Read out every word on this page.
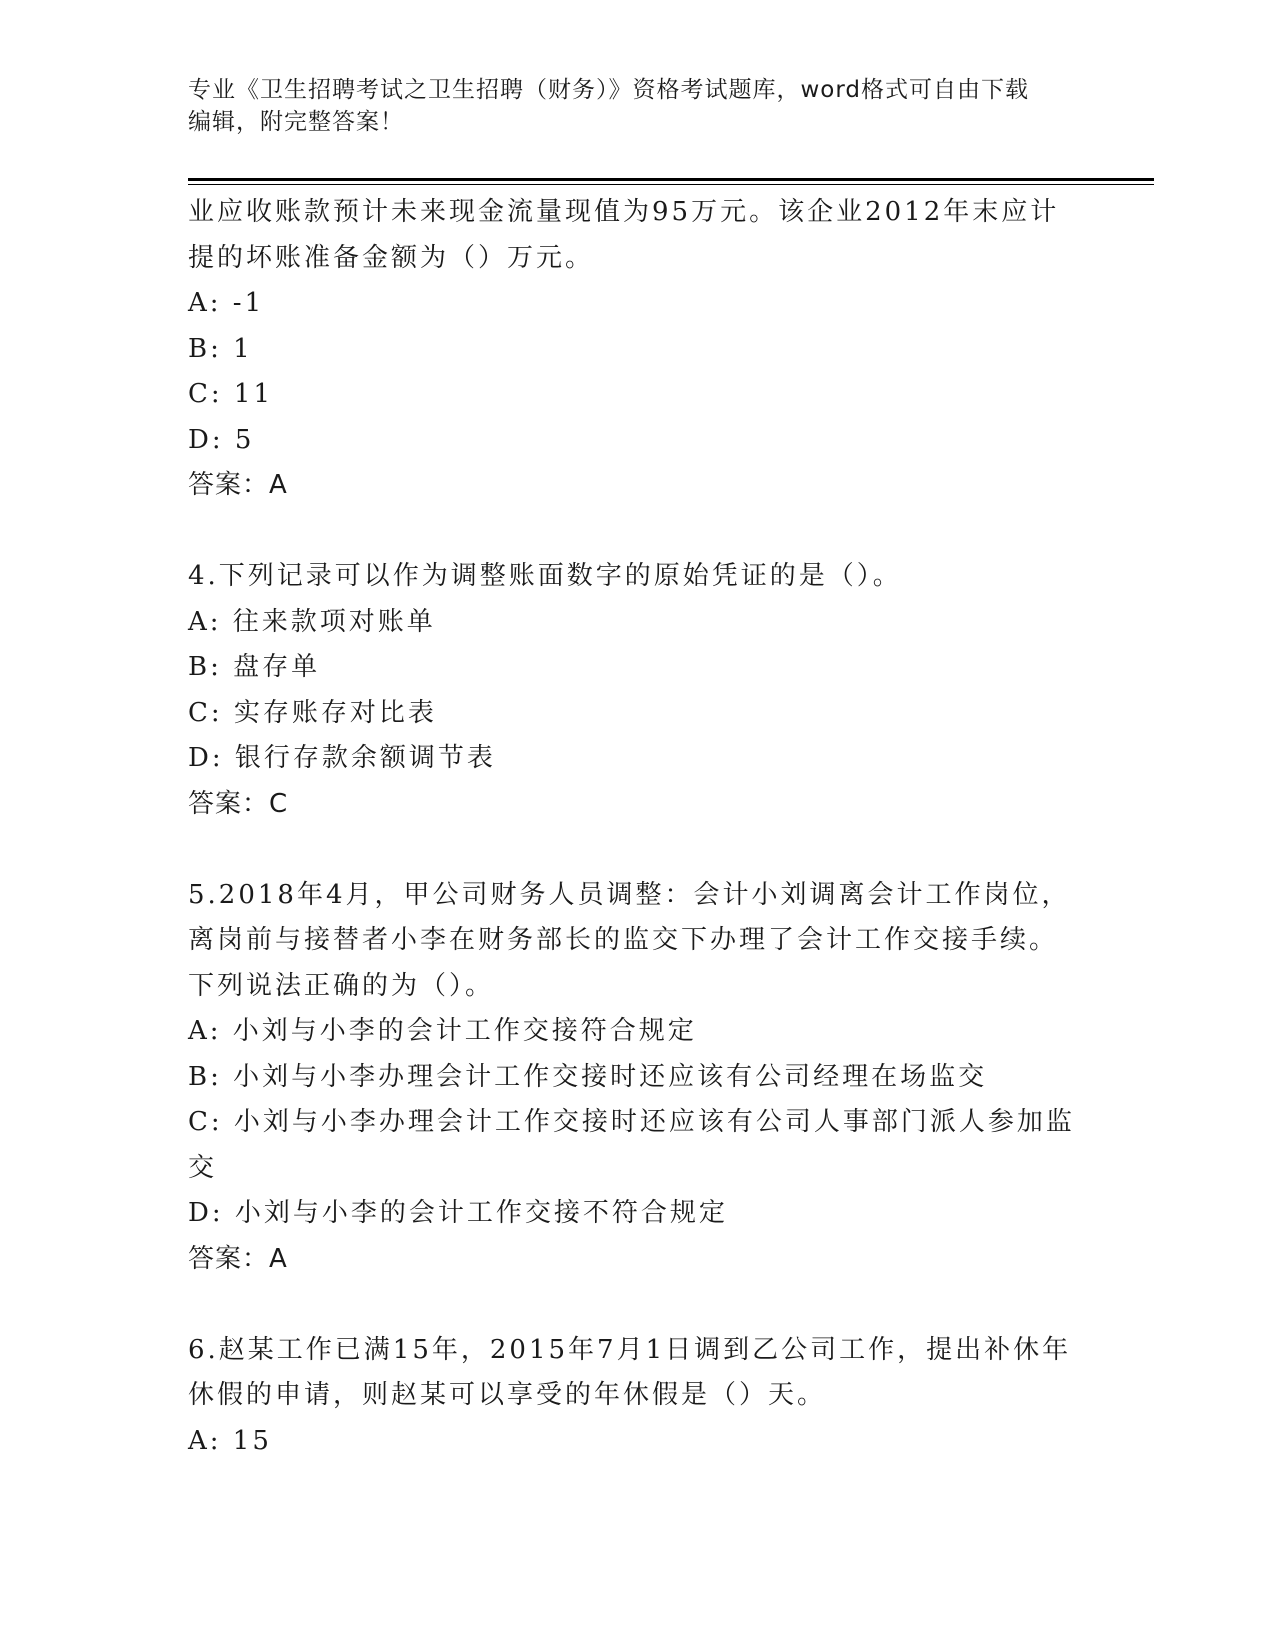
专业《卫生招聘考试之卫生招聘（财务）》资格考试题库，word格式可自由下载
编辑，附完整答案！
业应收账款预计未来现金流量现值为95万元。该企业2012年末应计
提的坏账准备金额为（）万元。
A: -1
B: 1
C: 11
D: 5
答案：A
4.下列记录可以作为调整账面数字的原始凭证的是（）。
A: 往来款项对账单
B: 盘存单
C: 实存账存对比表
D: 银行存款余额调节表
答案：C
5.2018年4月，甲公司财务人员调整：会计小刘调离会计工作岗位，
离岗前与接替者小李在财务部长的监交下办理了会计工作交接手续。
下列说法正确的为（）。
A: 小刘与小李的会计工作交接符合规定
B: 小刘与小李办理会计工作交接时还应该有公司经理在场监交
C: 小刘与小李办理会计工作交接时还应该有公司人事部门派人参加监
交
D: 小刘与小李的会计工作交接不符合规定
答案：A
6.赵某工作已满15年，2015年7月1日调到乙公司工作，提出补休年
休假的申请，则赵某可以享受的年休假是（）天。
A: 15
